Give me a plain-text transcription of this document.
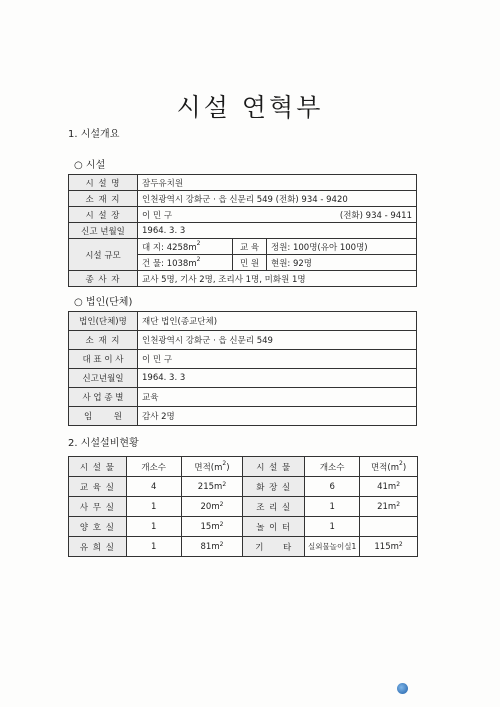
시설 연혁부
1. 시설개요
○ 시설
시 설 명	잠두유치원		
소 재 지	인천광역시 강화군 · 읍 신문리 549 (전화) 934 - 9420		
시 설 장	이 민 구 (전화) 934 - 9411		

신고 년월일	1964. 3. 3		
시설 규모	대 지: $4258m^2$	교 육	정원: 100명(유아 100명)
	건 물: $1038m^2$	민 원	현원: 92명
종 사 자	교사 5명, 기사 2명, 조리사 1명, 미화원 1명		
○ 법인(단체)
법인(단체)명	재단 법인(종교단체)
소 재 지	인천광역시 강화군 · 읍 신문리 549
대 표 이 사	이 민 구
신고년월일	1964. 3. 3
사 업 종 별	교육
임        원	감사 2명
2. 시설설비현황
시 설 물	개소수	면적$(m^2)$	시 설 물	개소수	면적$(m^2)$
교 육 실	4	$215m^2$	화 장 실	6	$41m^2$
사 무 실	1	$20m^2$	조 리 실	1	$21m^2$
양 호 실	1	$15m^2$	놀 이 터	1	
유 희 실	1	$81m^2$	기     타	실외물놀이실1	$115m^2$
